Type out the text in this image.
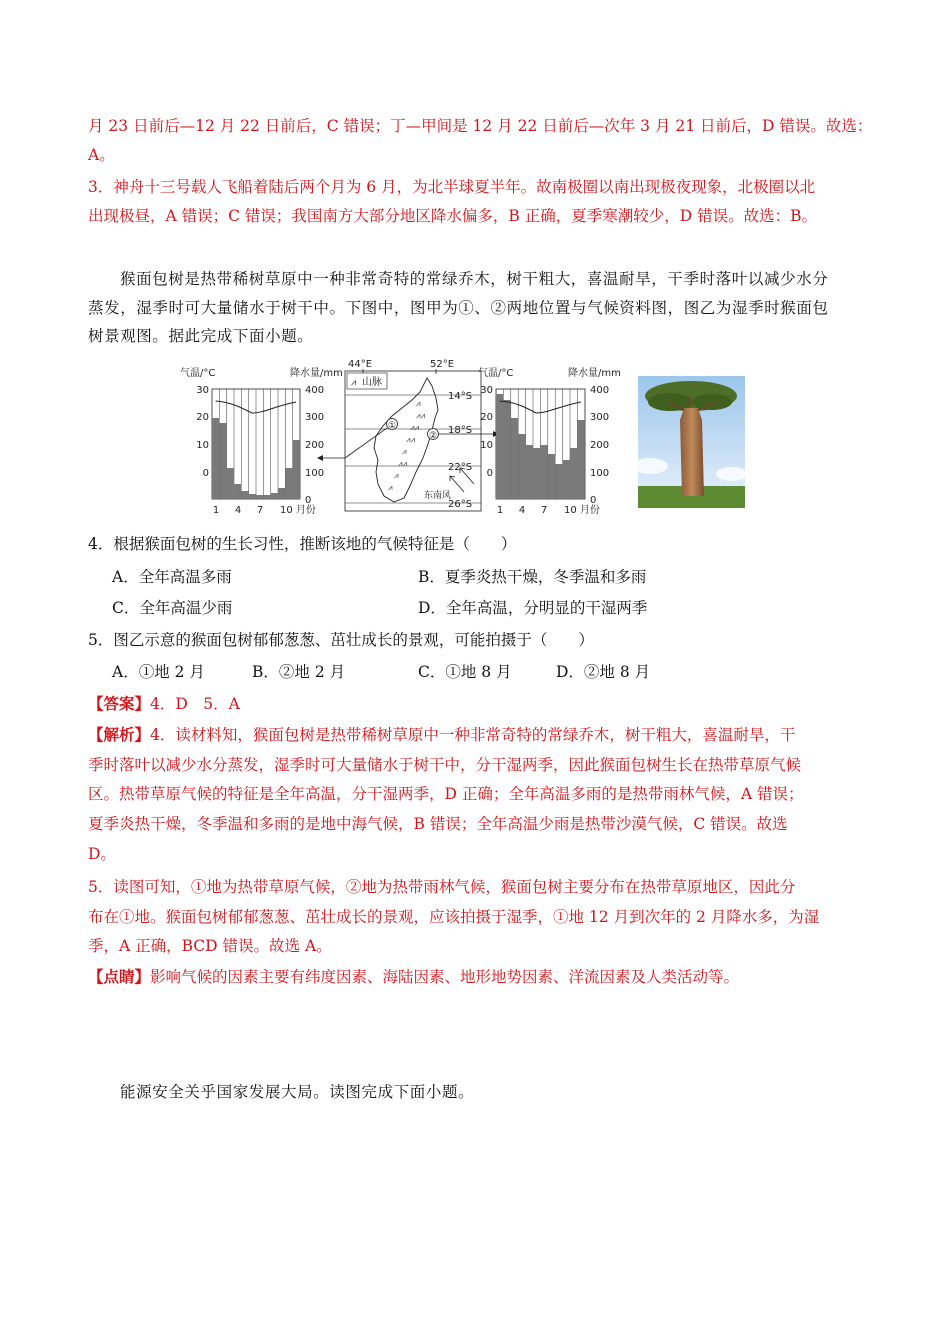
月 23 日前后—12 月 22 日前后，C 错误；丁—甲间是 12 月 22 日前后—次年 3 月 21 日前后，D 错误。故选：
A。
3．神舟十三号载人飞船着陆后两个月为 6 月，为北半球夏半年。故南极圈以南出现极夜现象，北极圈以北
出现极昼，A 错误；C 错误；我国南方大部分地区降水偏多，B 正确，夏季寒潮较少，D 错误。故选：B。
猴面包树是热带稀树草原中一种非常奇特的常绿乔木，树干粗大，喜温耐旱，干季时落叶以减少水分
蒸发，湿季时可大量储水于树干中。下图中，图甲为①、②两地位置与气候资料图，图乙为湿季时猴面包
树景观图。据此完成下面小题。
气温/°C	降水量/mm
30
20
10
0
400
300
200
100
0
1 4 7 10 月份
44°E	52°E
⩘ 山脉
⩘
⩘⩘
⩘⩘
⩘⩘
⩘
⩘⩘
⩘
⩘
14°S
18°S
22°S
26°S
①
②
东南风
气温/°C	降水量/mm
30
20
10
0
400
300
200
100
0
1 4 7 10 月份
4．根据猴面包树的生长习性，推断该地的气候特征是（　　）
A．全年高温多雨	B．夏季炎热干燥，冬季温和多雨
C．全年高温少雨	D．全年高温，分明显的干湿两季
5．图乙示意的猴面包树郁郁葱葱、茁壮成长的景观，可能拍摄于（　　）
A．①地 2 月	B．②地 2 月	C．①地 8 月	D．②地 8 月
【答案】4．D　5．A
【解析】4．读材料知，猴面包树是热带稀树草原中一种非常奇特的常绿乔木，树干粗大，喜温耐旱，干
季时落叶以减少水分蒸发，湿季时可大量储水于树干中，分干湿两季，因此猴面包树生长在热带草原气候
区。热带草原气候的特征是全年高温，分干湿两季，D 正确；全年高温多雨的是热带雨林气候，A 错误；
夏季炎热干燥，冬季温和多雨的是地中海气候，B 错误；全年高温少雨是热带沙漠气候，C 错误。故选
D。
5．读图可知，①地为热带草原气候，②地为热带雨林气候，猴面包树主要分布在热带草原地区，因此分
布在①地。猴面包树郁郁葱葱、茁壮成长的景观，应该拍摄于湿季，①地 12 月到次年的 2 月降水多，为湿
季，A 正确，BCD 错误。故选 A。
【点睛】影响气候的因素主要有纬度因素、海陆因素、地形地势因素、洋流因素及人类活动等。
能源安全关乎国家发展大局。读图完成下面小题。
